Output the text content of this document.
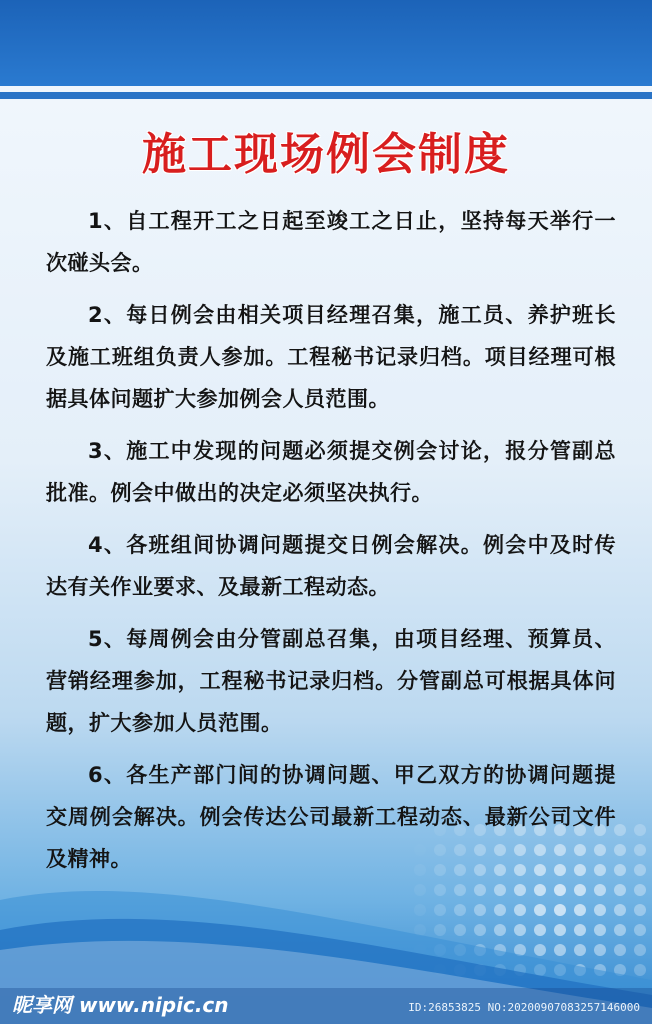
施工现场例会制度

1、自工程开工之日起至竣工之日止，坚持每天举行一次碰头会。

2、每日例会由相关项目经理召集，施工员、养护班长及施工班组负责人参加。工程秘书记录归档。项目经理可根据具体问题扩大参加例会人员范围。

3、施工中发现的问题必须提交例会讨论，报分管副总批准。例会中做出的决定必须坚决执行。

4、各班组间协调问题提交日例会解决。例会中及时传达有关作业要求、及最新工程动态。

5、每周例会由分管副总召集，由项目经理、预算员、营销经理参加，工程秘书记录归档。分管副总可根据具体问题，扩大参加人员范围。

6、各生产部门间的协调问题、甲乙双方的协调问题提交周例会解决。例会传达公司最新工程动态、最新公司文件及精神。

昵享网 www.nipic.cn	ID:26853825 NO:20200907083257146000
